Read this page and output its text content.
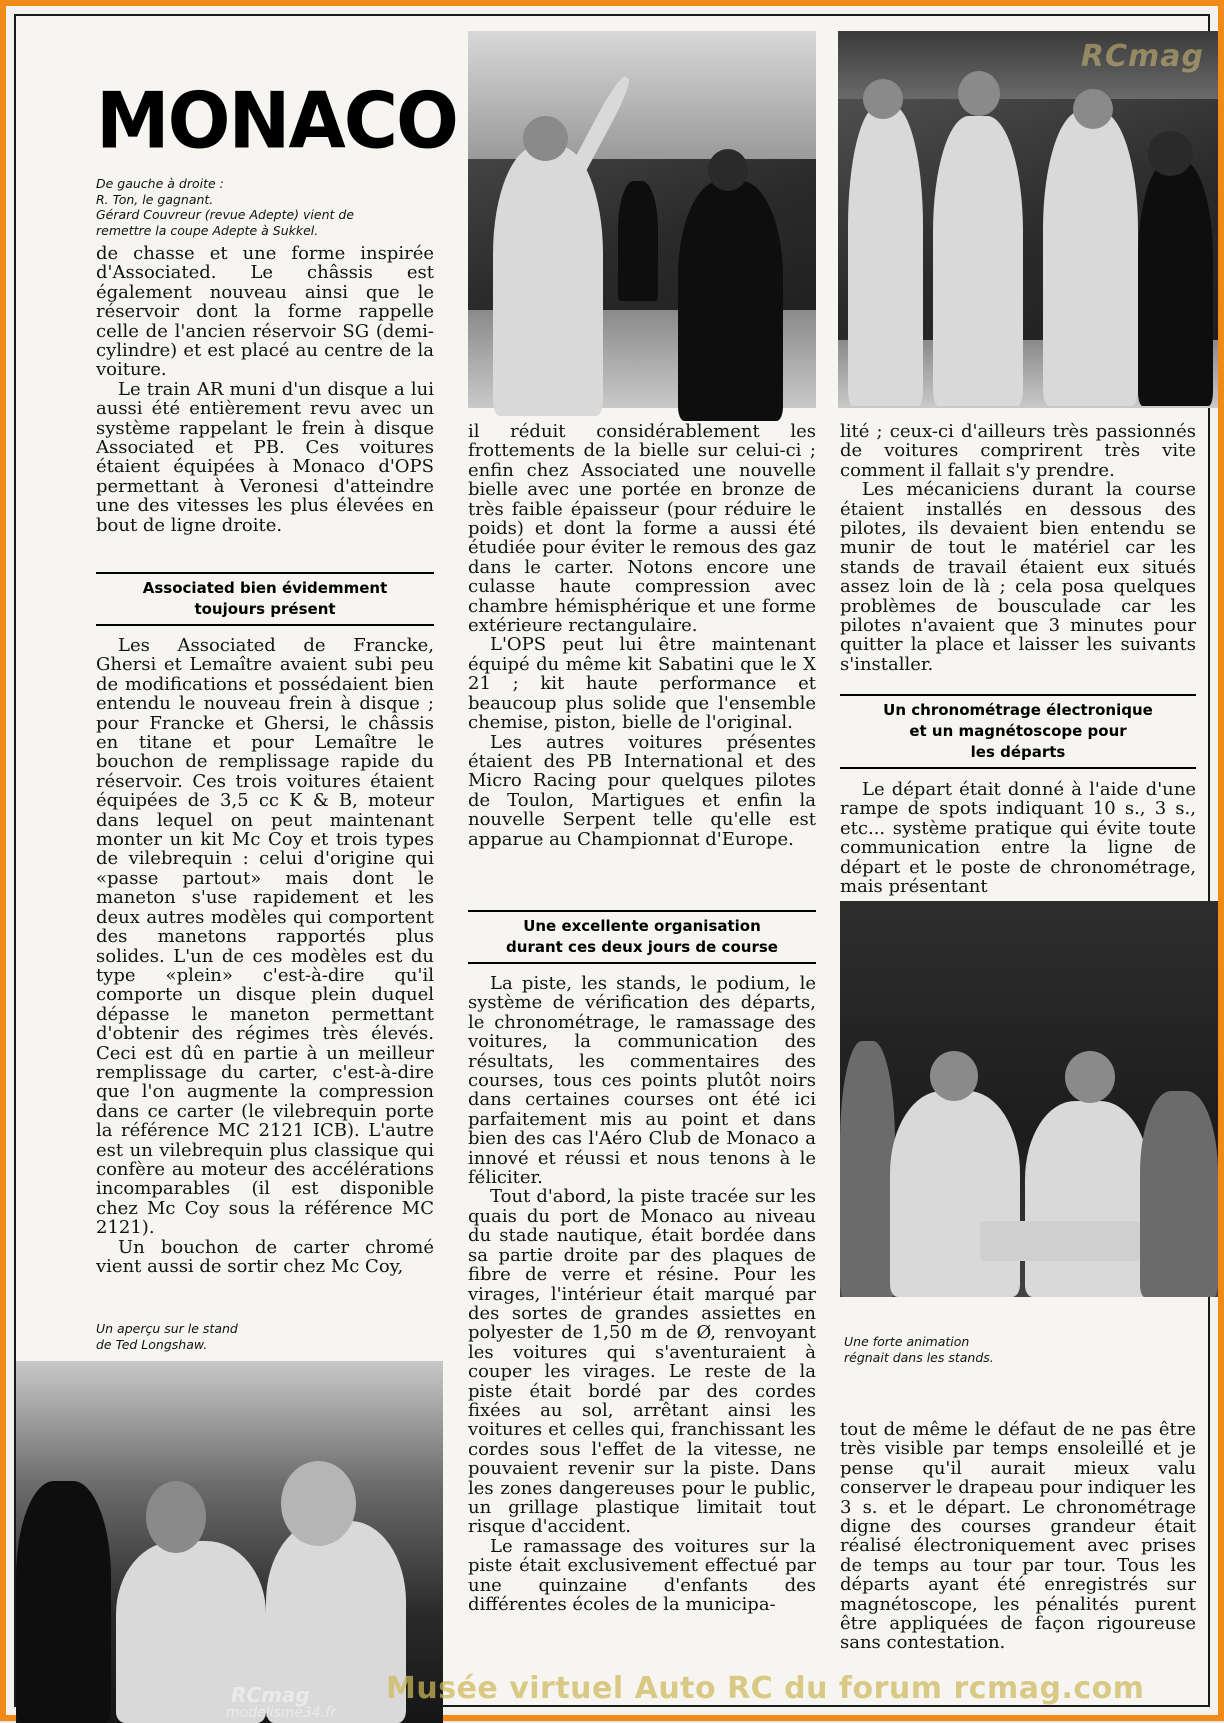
RCmag
RCmag
modelisme34.fr
MONACO
De gauche à droite :
R. Ton, le gagnant.
Gérard Couvreur (revue Adepte) vient de
remettre la coupe Adepte à Sukkel.

de chasse et une forme inspirée d'Associated. Le châssis est également nouveau ainsi que le réservoir dont la forme rappelle celle de l'ancien réservoir SG (demi-cylindre) et est placé au centre de la voiture.

Le train AR muni d'un disque a lui aussi été entièrement revu avec un système rappelant le frein à disque Associated et PB. Ces voitures étaient équipées à Monaco d'OPS permettant à Veronesi d'atteindre une des vitesses les plus élevées en bout de ligne droite.

Associated bien évidemment
toujours présent

Les Associated de Francke, Ghersi et Lemaître avaient subi peu de modifications et possédaient bien entendu le nouveau frein à disque ; pour Francke et Ghersi, le châssis en titane et pour Lemaître le bouchon de remplissage rapide du réservoir. Ces trois voitures étaient équipées de 3,5 cc K & B, moteur dans lequel on peut maintenant monter un kit Mc Coy et trois types de vilebrequin : celui d'origine qui «passe partout» mais dont le maneton s'use rapidement et les deux autres modèles qui comportent des manetons rapportés plus solides. L'un de ces modèles est du type «plein» c'est-à-dire qu'il comporte un disque plein duquel dépasse le maneton permettant d'obtenir des régimes très élevés. Ceci est dû en partie à un meilleur remplissage du carter, c'est-à-dire que l'on augmente la compression dans ce carter (le vilebrequin porte la référence MC 2121 ICB). L'autre est un vilebrequin plus classique qui confère au moteur des accélérations incomparables (il est disponible chez Mc Coy sous la référence MC 2121).

Un bouchon de carter chromé vient aussi de sortir chez Mc Coy,

Un aperçu sur le stand
de Ted Longshaw.

il réduit considérablement les frottements de la bielle sur celui-ci ; enfin chez Associated une nouvelle bielle avec une portée en bronze de très faible épaisseur (pour réduire le poids) et dont la forme a aussi été étudiée pour éviter le remous des gaz dans le carter. Notons encore une culasse haute compression avec chambre hémisphérique et une forme extérieure rectangulaire.

L'OPS peut lui être maintenant équipé du même kit Sabatini que le X 21 ; kit haute performance et beaucoup plus solide que l'ensemble chemise, piston, bielle de l'original.

Les autres voitures présentes étaient des PB International et des Micro Racing pour quelques pilotes de Toulon, Martigues et enfin la nouvelle Serpent telle qu'elle est apparue au Championnat d'Europe.

Une excellente organisation
durant ces deux jours de course

La piste, les stands, le podium, le système de vérification des départs, le chronométrage, le ramassage des voitures, la communication des résultats, les commentaires des courses, tous ces points plutôt noirs dans certaines courses ont été ici parfaitement mis au point et dans bien des cas l'Aéro Club de Monaco a innové et réussi et nous tenons à le féliciter.

Tout d'abord, la piste tracée sur les quais du port de Monaco au niveau du stade nautique, était bordée dans sa partie droite par des plaques de fibre de verre et résine. Pour les virages, l'intérieur était marqué par des sortes de grandes assiettes en polyester de 1,50 m de Ø, renvoyant les voitures qui s'aventuraient à couper les virages. Le reste de la piste était bordé par des cordes fixées au sol, arrêtant ainsi les voitures et celles qui, franchissant les cordes sous l'effet de la vitesse, ne pouvaient revenir sur la piste. Dans les zones dangereuses pour le public, un grillage plastique limitait tout risque d'accident.

Le ramassage des voitures sur la piste était exclusivement effectué par une quinzaine d'enfants des différentes écoles de la municipa-

lité ; ceux-ci d'ailleurs très passionnés de voitures comprirent très vite comment il fallait s'y prendre.

Les mécaniciens durant la course étaient installés en dessous des pilotes, ils devaient bien entendu se munir de tout le matériel car les stands de travail étaient eux situés assez loin de là ; cela posa quelques problèmes de bousculade car les pilotes n'avaient que 3 minutes pour quitter la place et laisser les suivants s'installer.

Un chronométrage électronique
et un magnétoscope pour
les départs

Le départ était donné à l'aide d'une rampe de spots indiquant 10 s., 3 s., etc... système pratique qui évite toute communication entre la ligne de départ et le poste de chronométrage, mais présentant

Une forte animation
régnait dans les stands.

tout de même le défaut de ne pas être très visible par temps ensoleillé et je pense qu'il aurait mieux valu conserver le drapeau pour indiquer les 3 s. et le départ. Le chronométrage digne des courses grandeur était réalisé électroniquement avec prises de temps au tour par tour. Tous les départs ayant été enregistrés sur magnétoscope, les pénalités purent être appliquées de façon rigoureuse sans contestation.

Musée virtuel Auto RC du forum rcmag.com
